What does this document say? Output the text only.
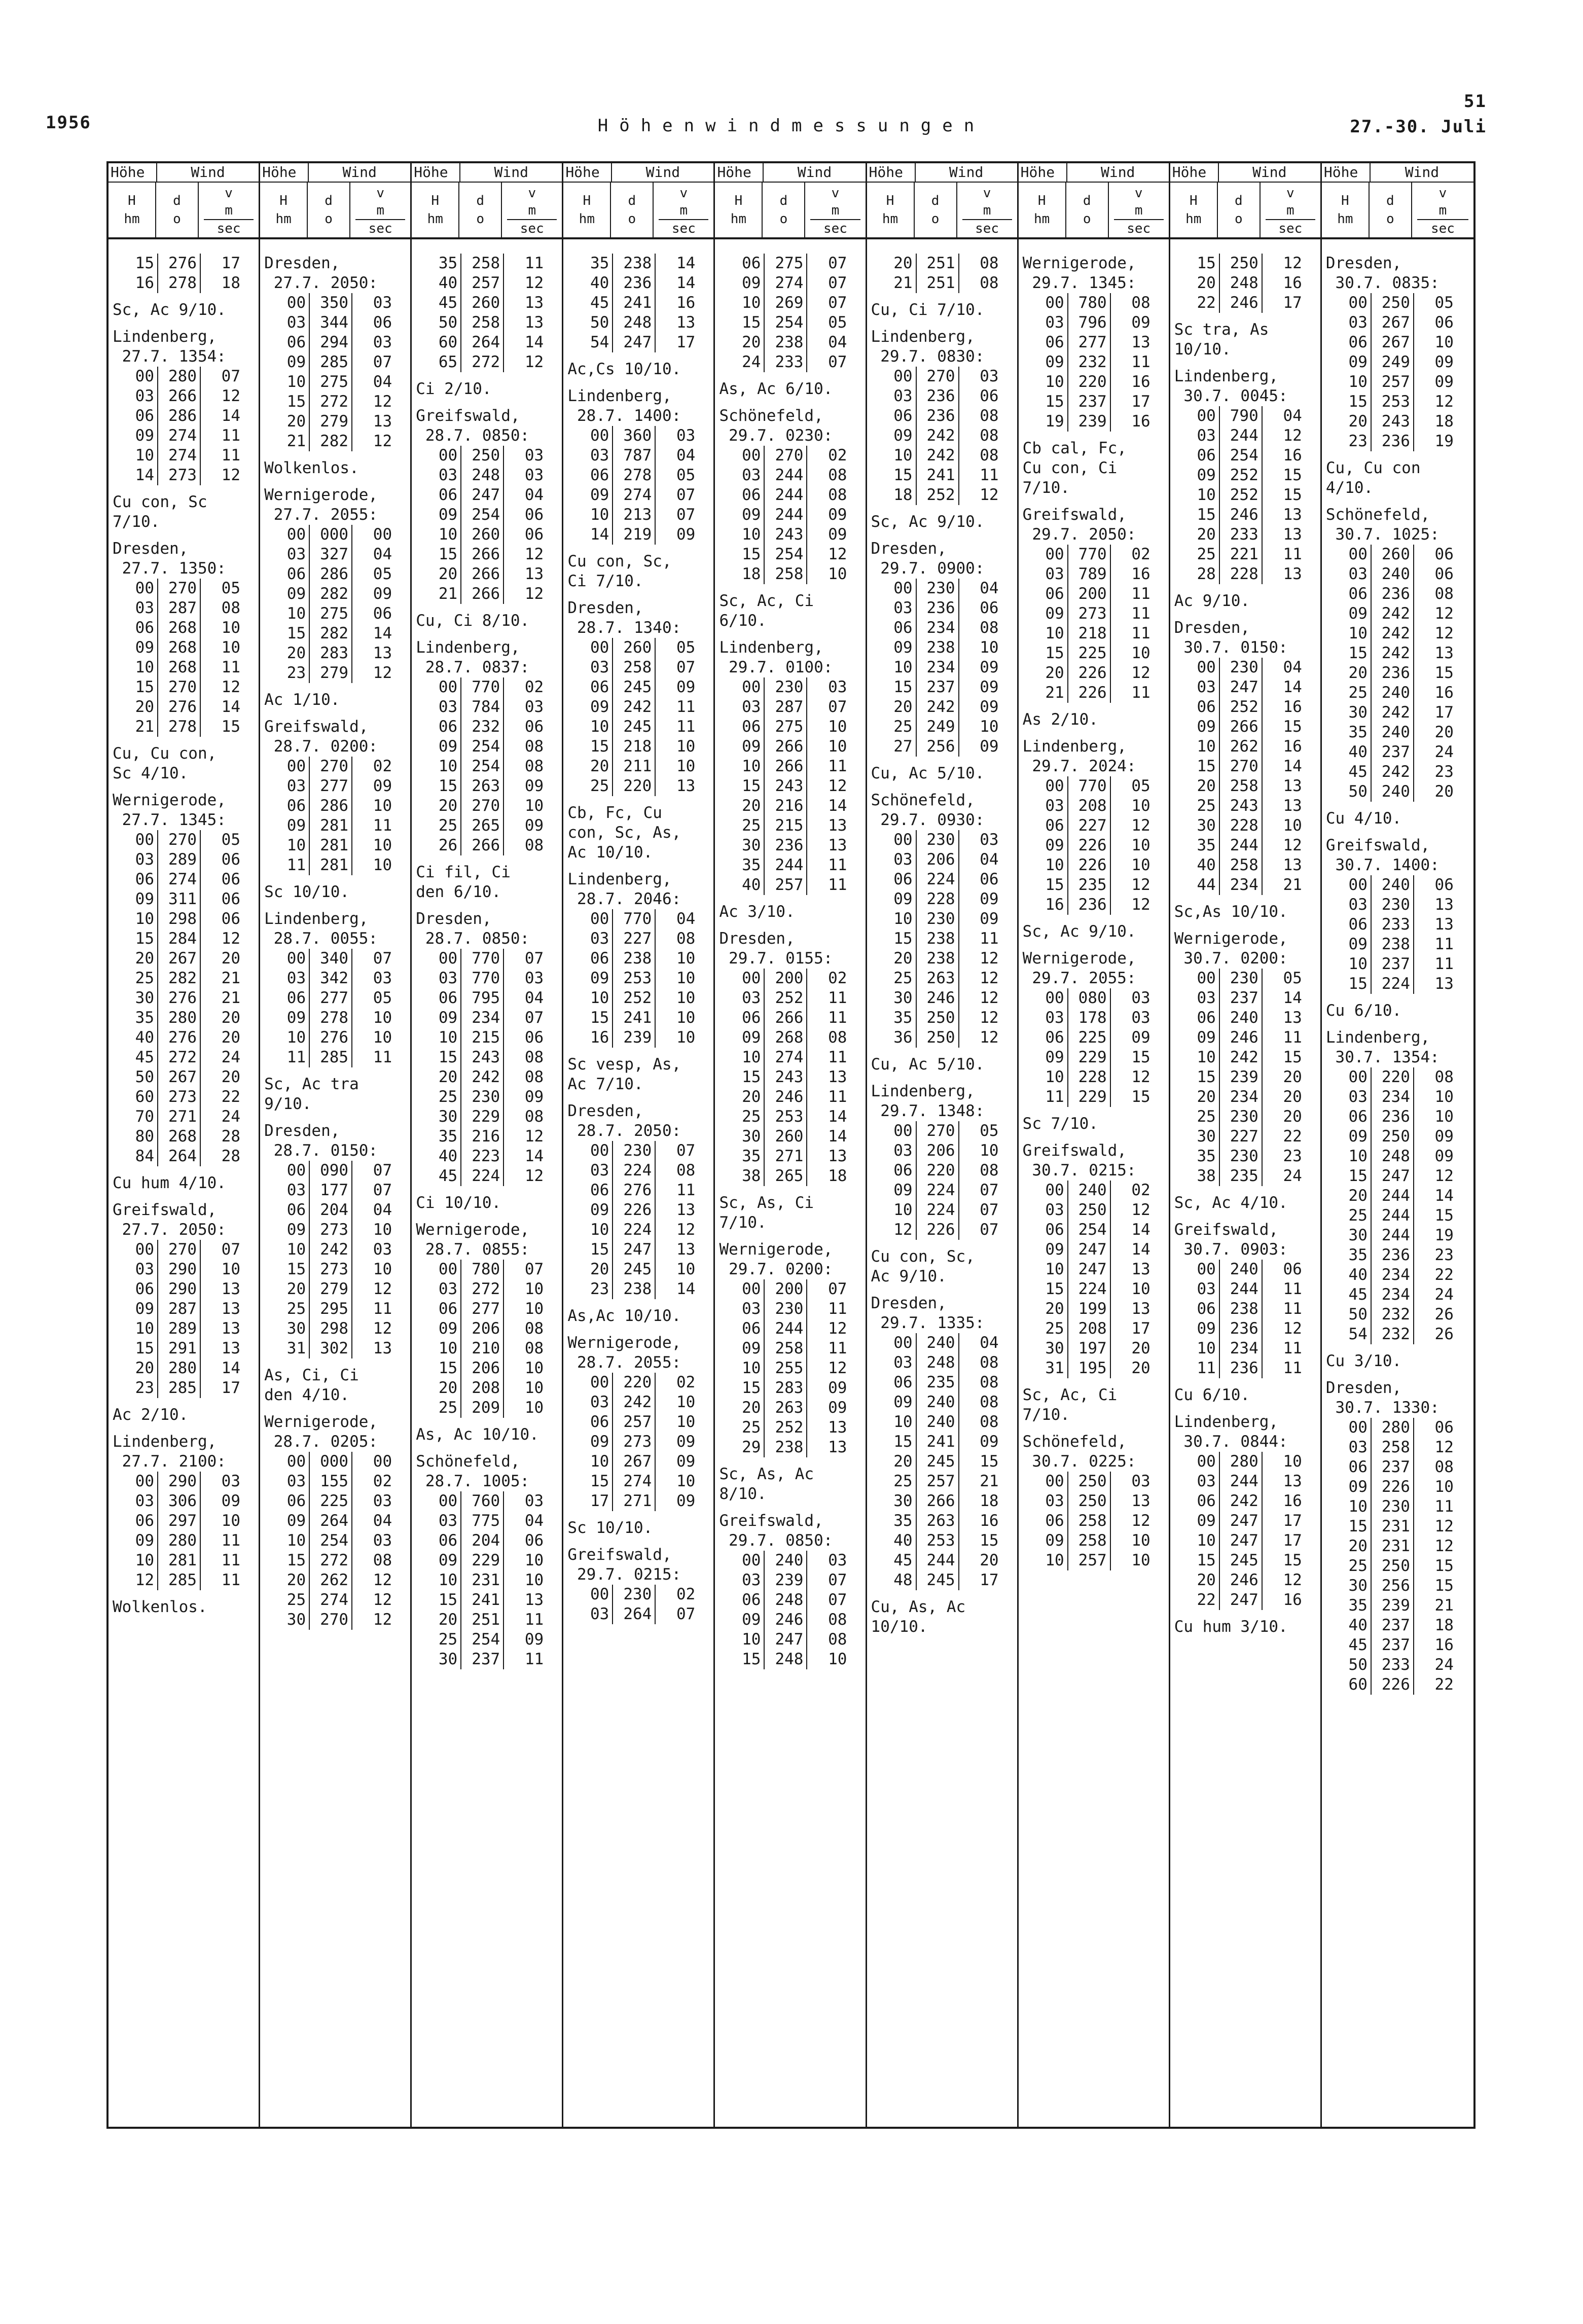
1956	Höhenwindmessungen
51
27.-30. Juli
Höhe	Wind
H
hm
d
o
v
m
sec
15 276	17
16 278	18
Sc, Ac 9/10.
Lindenberg,
27.7. 1354:
00 280	07
03 266	12
06 286	14
09 274	11
10 274	11
14 273	12
Cu con, Sc
7/10.
Dresden,
27.7. 1350:
00 270	05
03 287	08
06 268	10
09 268	10
10 268	11
15 270	12
20 276	14
21 278	15
Cu, Cu con,
Sc 4/10.
Wernigerode,
27.7. 1345:
00 270	05
03 289	06
06 274	06
09 311	06
10 298	06
15 284	12
20 267	20
25 282	21
30 276	21
35 280	20
40 276	20
45 272	24
50 267	20
60 273	22
70 271	24
80 268	28
84 264	28
Cu hum 4/10.
Greifswald,
27.7. 2050:
00 270	07
03 290	10
06 290	13
09 287	13
10 289	13
15 291	13
20 280	14
23 285	17
Ac 2/10.
Lindenberg,
27.7. 2100:
00 290	03
03 306	09
06 297	10
09 280	11
10 281	11
12 285	11
Wolkenlos.
Höhe	Wind
H
hm
d
o
v
m
sec
Dresden,
27.7. 2050:
00 350	03
03 344	06
06 294	03
09 285	07
10 275	04
15 272	12
20 279	13
21 282	12
Wolkenlos.
Wernigerode,
27.7. 2055:
00 000	00
03 327	04
06 286	05
09 282	09
10 275	06
15 282	14
20 283	13
23 279	12
Ac 1/10.
Greifswald,
28.7. 0200:
00 270	02
03 277	09
06 286	10
09 281	11
10 281	10
11 281	10
Sc 10/10.
Lindenberg,
28.7. 0055:
00 340	07
03 342	03
06 277	05
09 278	10
10 276	10
11 285	11
Sc, Ac tra
9/10.
Dresden,
28.7. 0150:
00 090	07
03 177	07
06 204	04
09 273	10
10 242	03
15 273	10
20 279	12
25 295	11
30 298	12
31 302	13
As, Ci, Ci
den 4/10.
Wernigerode,
28.7. 0205:
00 000	00
03 155	02
06 225	03
09 264	04
10 254	03
15 272	08
20 262	12
25 274	12
30 270	12
Höhe	Wind
H
hm
d
o
v
m
sec
35 258	11
40 257	12
45 260	13
50 258	13
60 264	14
65 272	12
Ci 2/10.
Greifswald,
28.7. 0850:
00 250	03
03 248	03
06 247	04
09 254	06
10 260	06
15 266	12
20 266	13
21 266	12
Cu, Ci 8/10.
Lindenberg,
28.7. 0837:
00 770	02
03 784	03
06 232	06
09 254	08
10 254	08
15 263	09
20 270	10
25 265	09
26 266	08
Ci fil, Ci
den 6/10.
Dresden,
28.7. 0850:
00 770	07
03 770	03
06 795	04
09 234	07
10 215	06
15 243	08
20 242	08
25 230	09
30 229	08
35 216	12
40 223	14
45 224	12
Ci 10/10.
Wernigerode,
28.7. 0855:
00 780	07
03 272	10
06 277	10
09 206	08
10 210	08
15 206	10
20 208	10
25 209	10
As, Ac 10/10.
Schönefeld,
28.7. 1005:
00 760	03
03 775	04
06 204	06
09 229	10
10 231	10
15 241	13
20 251	11
25 254	09
30 237	11
Höhe	Wind
H
hm
d
o
v
m
sec
35 238	14
40 236	14
45 241	16
50 248	13
54 247	17
Ac,Cs 10/10.
Lindenberg,
28.7. 1400:
00 360	03
03 787	04
06 278	05
09 274	07
10 213	07
14 219	09
Cu con, Sc,
Ci 7/10.
Dresden,
28.7. 1340:
00 260	05
03 258	07
06 245	09
09 242	11
10 245	11
15 218	10
20 211	10
25 220	13
Cb, Fc, Cu
con, Sc, As,
Ac 10/10.
Lindenberg,
28.7. 2046:
00 770	04
03 227	08
06 238	10
09 253	10
10 252	10
15 241	10
16 239	10
Sc vesp, As,
Ac 7/10.
Dresden,
28.7. 2050:
00 230	07
03 224	08
06 276	11
09 226	13
10 224	12
15 247	13
20 245	10
23 238	14
As,Ac 10/10.
Wernigerode,
28.7. 2055:
00 220	02
03 242	10
06 257	10
09 273	09
10 267	09
15 274	10
17 271	09
Sc 10/10.
Greifswald,
29.7. 0215:
00 230	02
03 264	07
Höhe	Wind
H
hm
d
o
v
m
sec
06 275	07
09 274	07
10 269	07
15 254	05
20 238	04
24 233	07
As, Ac 6/10.
Schönefeld,
29.7. 0230:
00 270	02
03 244	08
06 244	08
09 244	09
10 243	09
15 254	12
18 258	10
Sc, Ac, Ci
6/10.
Lindenberg,
29.7. 0100:
00 230	03
03 287	07
06 275	10
09 266	10
10 266	11
15 243	12
20 216	14
25 215	13
30 236	13
35 244	11
40 257	11
Ac 3/10.
Dresden,
29.7. 0155:
00 200	02
03 252	11
06 266	11
09 268	08
10 274	11
15 243	13
20 246	11
25 253	14
30 260	14
35 271	13
38 265	18
Sc, As, Ci
7/10.
Wernigerode,
29.7. 0200:
00 200	07
03 230	11
06 244	12
09 258	11
10 255	12
15 283	09
20 263	09
25 252	13
29 238	13
Sc, As, Ac
8/10.
Greifswald,
29.7. 0850:
00 240	03
03 239	07
06 248	07
09 246	08
10 247	08
15 248	10
Höhe	Wind
H
hm
d
o
v
m
sec
20 251	08
21 251	08
Cu, Ci 7/10.
Lindenberg,
29.7. 0830:
00 270	03
03 236	06
06 236	08
09 242	08
10 242	08
15 241	11
18 252	12
Sc, Ac 9/10.
Dresden,
29.7. 0900:
00 230	04
03 236	06
06 234	08
09 238	10
10 234	09
15 237	09
20 242	09
25 249	10
27 256	09
Cu, Ac 5/10.
Schönefeld,
29.7. 0930:
00 230	03
03 206	04
06 224	06
09 228	09
10 230	09
15 238	11
20 238	12
25 263	12
30 246	12
35 250	12
36 250	12
Cu, Ac 5/10.
Lindenberg,
29.7. 1348:
00 270	05
03 206	10
06 220	08
09 224	07
10 224	07
12 226	07
Cu con, Sc,
Ac 9/10.
Dresden,
29.7. 1335:
00 240	04
03 248	08
06 235	08
09 240	08
10 240	08
15 241	09
20 245	15
25 257	21
30 266	18
35 263	16
40 253	15
45 244	20
48 245	17
Cu, As, Ac
10/10.
Höhe	Wind
H
hm
d
o
v
m
sec
Wernigerode,
29.7. 1345:
00 780	08
03 796	09
06 277	13
09 232	11
10 220	16
15 237	17
19 239	16
Cb cal, Fc,
Cu con, Ci
7/10.
Greifswald,
29.7. 2050:
00 770	02
03 789	16
06 200	11
09 273	11
10 218	11
15 225	10
20 226	12
21 226	11
As 2/10.
Lindenberg,
29.7. 2024:
00 770	05
03 208	10
06 227	12
09 226	10
10 226	10
15 235	12
16 236	12
Sc, Ac 9/10.
Wernigerode,
29.7. 2055:
00 080	03
03 178	03
06 225	09
09 229	15
10 228	12
11 229	15
Sc 7/10.
Greifswald,
30.7. 0215:
00 240	02
03 250	12
06 254	14
09 247	14
10 247	13
15 224	10
20 199	13
25 208	17
30 197	20
31 195	20
Sc, Ac, Ci
7/10.
Schönefeld,
30.7. 0225:
00 250	03
03 250	13
06 258	12
09 258	10
10 257	10
Höhe	Wind
H
hm
d
o
v
m
sec
15 250	12
20 248	16
22 246	17
Sc tra, As
10/10.
Lindenberg,
30.7. 0045:
00 790	04
03 244	12
06 254	16
09 252	15
10 252	15
15 246	13
20 233	13
25 221	11
28 228	13
Ac 9/10.
Dresden,
30.7. 0150:
00 230	04
03 247	14
06 252	16
09 266	15
10 262	16
15 270	14
20 258	13
25 243	13
30 228	10
35 244	12
40 258	13
44 234	21
Sc,As 10/10.
Wernigerode,
30.7. 0200:
00 230	05
03 237	14
06 240	13
09 246	11
10 242	15
15 239	20
20 234	20
25 230	20
30 227	22
35 230	23
38 235	24
Sc, Ac 4/10.
Greifswald,
30.7. 0903:
00 240	06
03 244	11
06 238	11
09 236	12
10 234	11
11 236	11
Cu 6/10.
Lindenberg,
30.7. 0844:
00 280	10
03 244	13
06 242	16
09 247	17
10 247	17
15 245	15
20 246	12
22 247	16
Cu hum 3/10.
Höhe	Wind
H
hm
d
o
v
m
sec
Dresden,
30.7. 0835:
00 250	05
03 267	06
06 267	10
09 249	09
10 257	09
15 253	12
20 243	18
23 236	19
Cu, Cu con
4/10.
Schönefeld,
30.7. 1025:
00 260	06
03 240	06
06 236	08
09 242	12
10 242	12
15 242	13
20 236	15
25 240	16
30 242	17
35 240	20
40 237	24
45 242	23
50 240	20
Cu 4/10.
Greifswald,
30.7. 1400:
00 240	06
03 230	13
06 233	13
09 238	11
10 237	11
15 224	13
Cu 6/10.
Lindenberg,
30.7. 1354:
00 220	08
03 234	10
06 236	10
09 250	09
10 248	09
15 247	12
20 244	14
25 244	15
30 244	19
35 236	23
40 234	22
45 234	24
50 232	26
54 232	26
Cu 3/10.
Dresden,
30.7. 1330:
00 280	06
03 258	12
06 237	08
09 226	10
10 230	11
15 231	12
20 231	12
25 250	15
30 256	15
35 239	21
40 237	18
45 237	16
50 233	24
60 226	22
